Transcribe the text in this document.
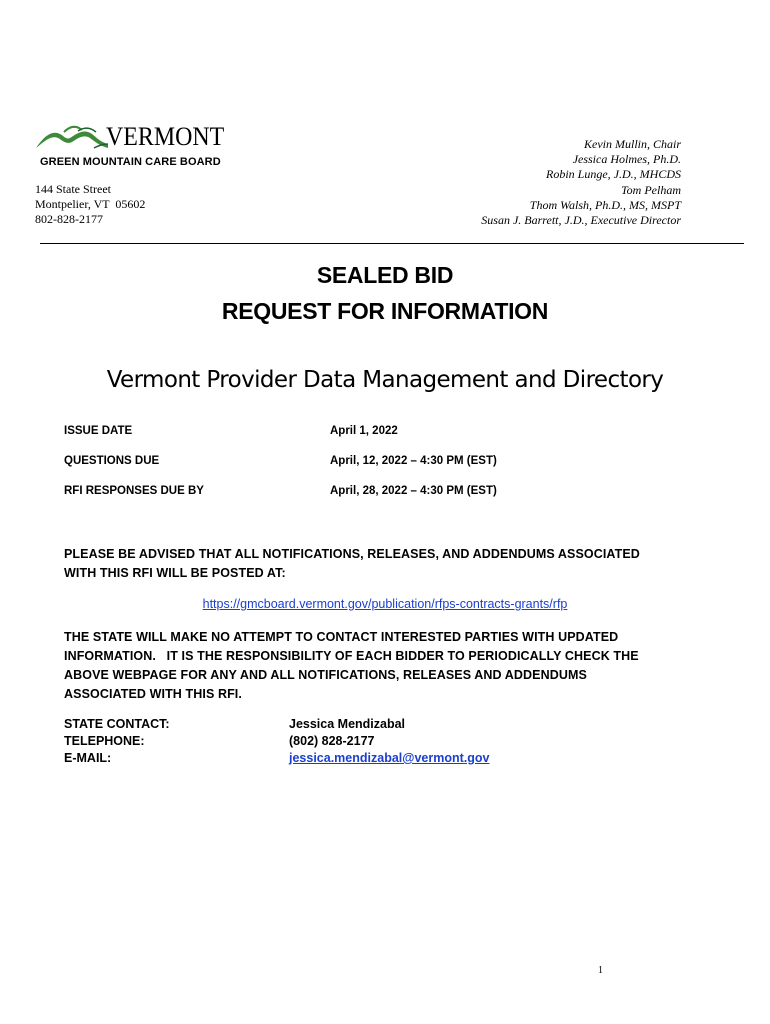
VERMONT
GREEN MOUNTAIN CARE BOARD
144 State Street
Montpelier, VT  05602
802-828-2177
Kevin Mullin, Chair
Jessica Holmes, Ph.D.
Robin Lunge, J.D., MHCDS
Tom Pelham
Thom Walsh, Ph.D., MS, MSPT
Susan J. Barrett, J.D., Executive Director
SEALED BID
REQUEST FOR INFORMATION
Vermont Provider Data Management and Directory
ISSUE DATE	April 1, 2022
QUESTIONS DUE	April, 12, 2022 – 4:30 PM (EST)
RFI RESPONSES DUE BY	April, 28, 2022 – 4:30 PM (EST)
PLEASE BE ADVISED THAT ALL NOTIFICATIONS, RELEASES, AND ADDENDUMS ASSOCIATED
WITH THIS RFI WILL BE POSTED AT:
https://gmcboard.vermont.gov/publication/rfps-contracts-grants/rfp
THE STATE WILL MAKE NO ATTEMPT TO CONTACT INTERESTED PARTIES WITH UPDATED
INFORMATION.   IT IS THE RESPONSIBILITY OF EACH BIDDER TO PERIODICALLY CHECK THE
ABOVE WEBPAGE FOR ANY AND ALL NOTIFICATIONS, RELEASES AND ADDENDUMS
ASSOCIATED WITH THIS RFI.
STATE CONTACT:	Jessica Mendizabal
TELEPHONE:	(802) 828-2177
E-MAIL:	jessica.mendizabal@vermont.gov
1
